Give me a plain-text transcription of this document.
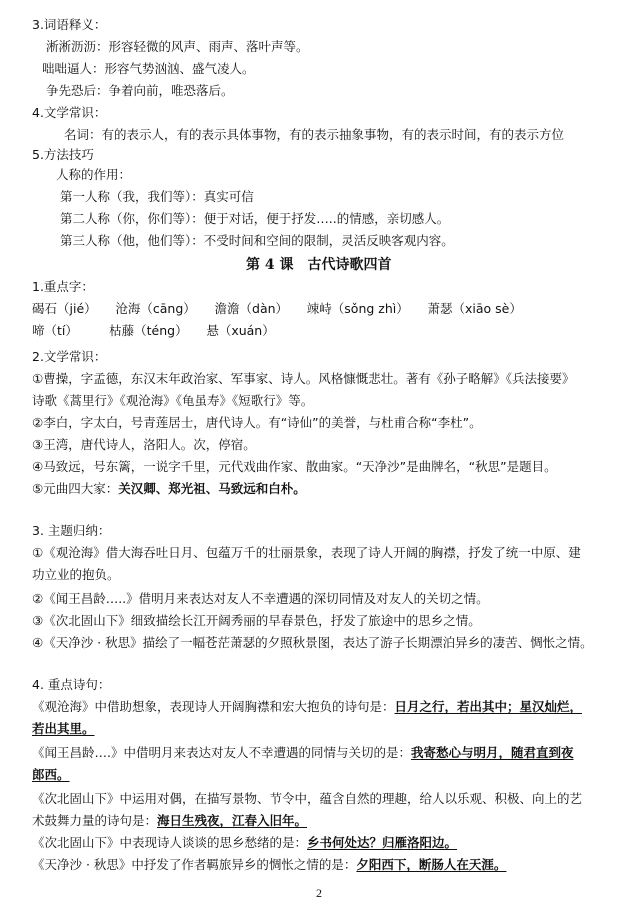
3.词语释义：
淅淅沥沥：形容轻微的风声、雨声、落叶声等。
咄咄逼人：形容气势汹汹、盛气凌人。
争先恐后：争着向前，唯恐落后。
4.文学常识：
名词：有的表示人，有的表示具体事物，有的表示抽象事物，有的表示时间，有的表示方位
5.方法技巧
人称的作用：
第一人称（我，我们等）：真实可信
第二人称（你，你们等）：便于对话，便于抒发…..的情感，亲切感人。
第三人称（他，他们等）：不受时间和空间的限制，灵活反映客观内容。
第 4 课　古代诗歌四首
1.重点字：
碣石（jié）　　沧海（cāng）　　澹澹（dàn）　　竦峙（sǒng zhì）　　萧瑟（xiāo sè）
啼（tí）　　　枯藤（téng）　　悬（xuán）
2.文学常识：
①曹操，字孟德，东汉末年政治家、军事家、诗人。风格慷慨悲壮。著有《孙子略解》《兵法接要》
诗歌《蒿里行》《观沧海》《龟虽寿》《短歌行》等。
②李白，字太白，号青莲居士，唐代诗人。有“诗仙”的美誉，与杜甫合称“李杜”。
③王湾，唐代诗人，洛阳人。次，停宿。
④马致远，号东篱，一说字千里，元代戏曲作家、散曲家。“天净沙”是曲牌名，“秋思”是题目。
⑤元曲四大家：关汉卿、郑光祖、马致远和白朴。
3. 主题归纳：
①《观沧海》借大海吞吐日月、包蕴万千的壮丽景象，表现了诗人开阔的胸襟，抒发了统一中原、建
功立业的抱负。
②《闻王昌龄…..》借明月来表达对友人不幸遭遇的深切同情及对友人的关切之情。
③《次北固山下》细致描绘长江开阔秀丽的早春景色，抒发了旅途中的思乡之情。
④《天净沙 · 秋思》描绘了一幅苍茫萧瑟的夕照秋景图，表达了游子长期漂泊异乡的凄苦、惆怅之情。
4. 重点诗句：
《观沧海》中借助想象，表现诗人开阔胸襟和宏大抱负的诗句是：日月之行，若出其中；星汉灿烂，
若出其里。
《闻王昌龄….》中借明月来表达对友人不幸遭遇的同情与关切的是：我寄愁心与明月，随君直到夜
郎西。
《次北固山下》中运用对偶，在描写景物、节令中，蕴含自然的理趣，给人以乐观、积极、向上的艺
术鼓舞力量的诗句是：海日生残夜，江春入旧年。
《次北固山下》中表现诗人谈谈的思乡愁绪的是：乡书何处达？归雁洛阳边。
《天净沙 · 秋思》中抒发了作者羁旅异乡的惆怅之情的是：夕阳西下，断肠人在天涯。
2
